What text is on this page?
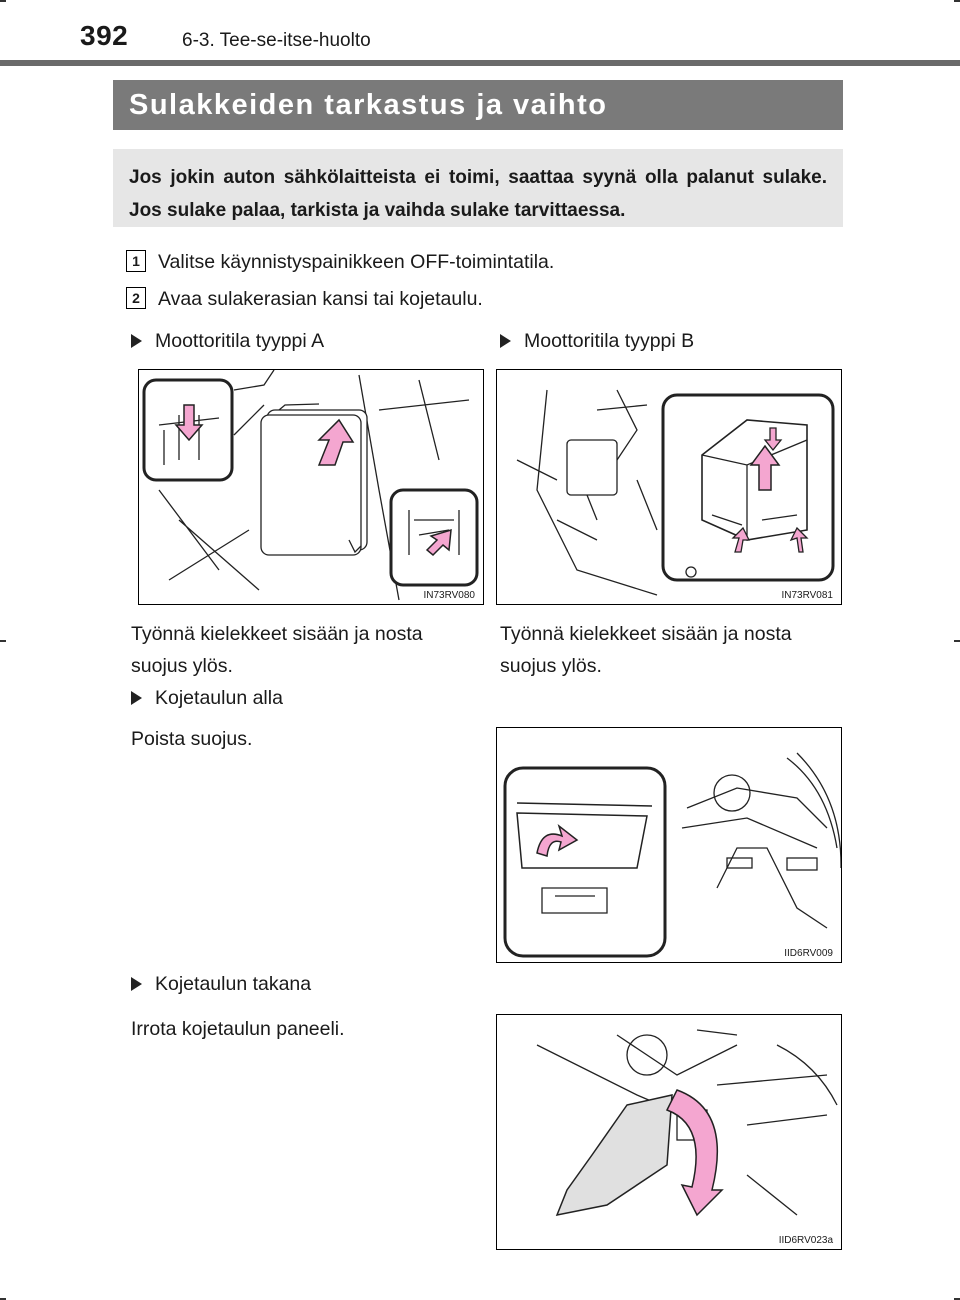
392	6-3. Tee-se-itse-huolto
Sulakkeiden tarkastus ja vaihto
Jos jokin auton sähkölaitteista ei toimi, saattaa syynä olla palanut sulake. Jos sulake palaa, tarkista ja vaihda sulake tarvittaessa.
1 Valitse käynnistyspainikkeen OFF-toimintatila.
2 Avaa sulakerasian kansi tai kojetaulu.
Moottoritila tyyppi A
IN73RV080
Työnnä kielekkeet sisään ja nosta suojus ylös.
Moottoritila tyyppi B
IN73RV081
Työnnä kielekkeet sisään ja nosta suojus ylös.
Kojetaulun alla
Poista suojus.
IID6RV009
Kojetaulun takana
Irrota kojetaulun paneeli.
IID6RV023a
